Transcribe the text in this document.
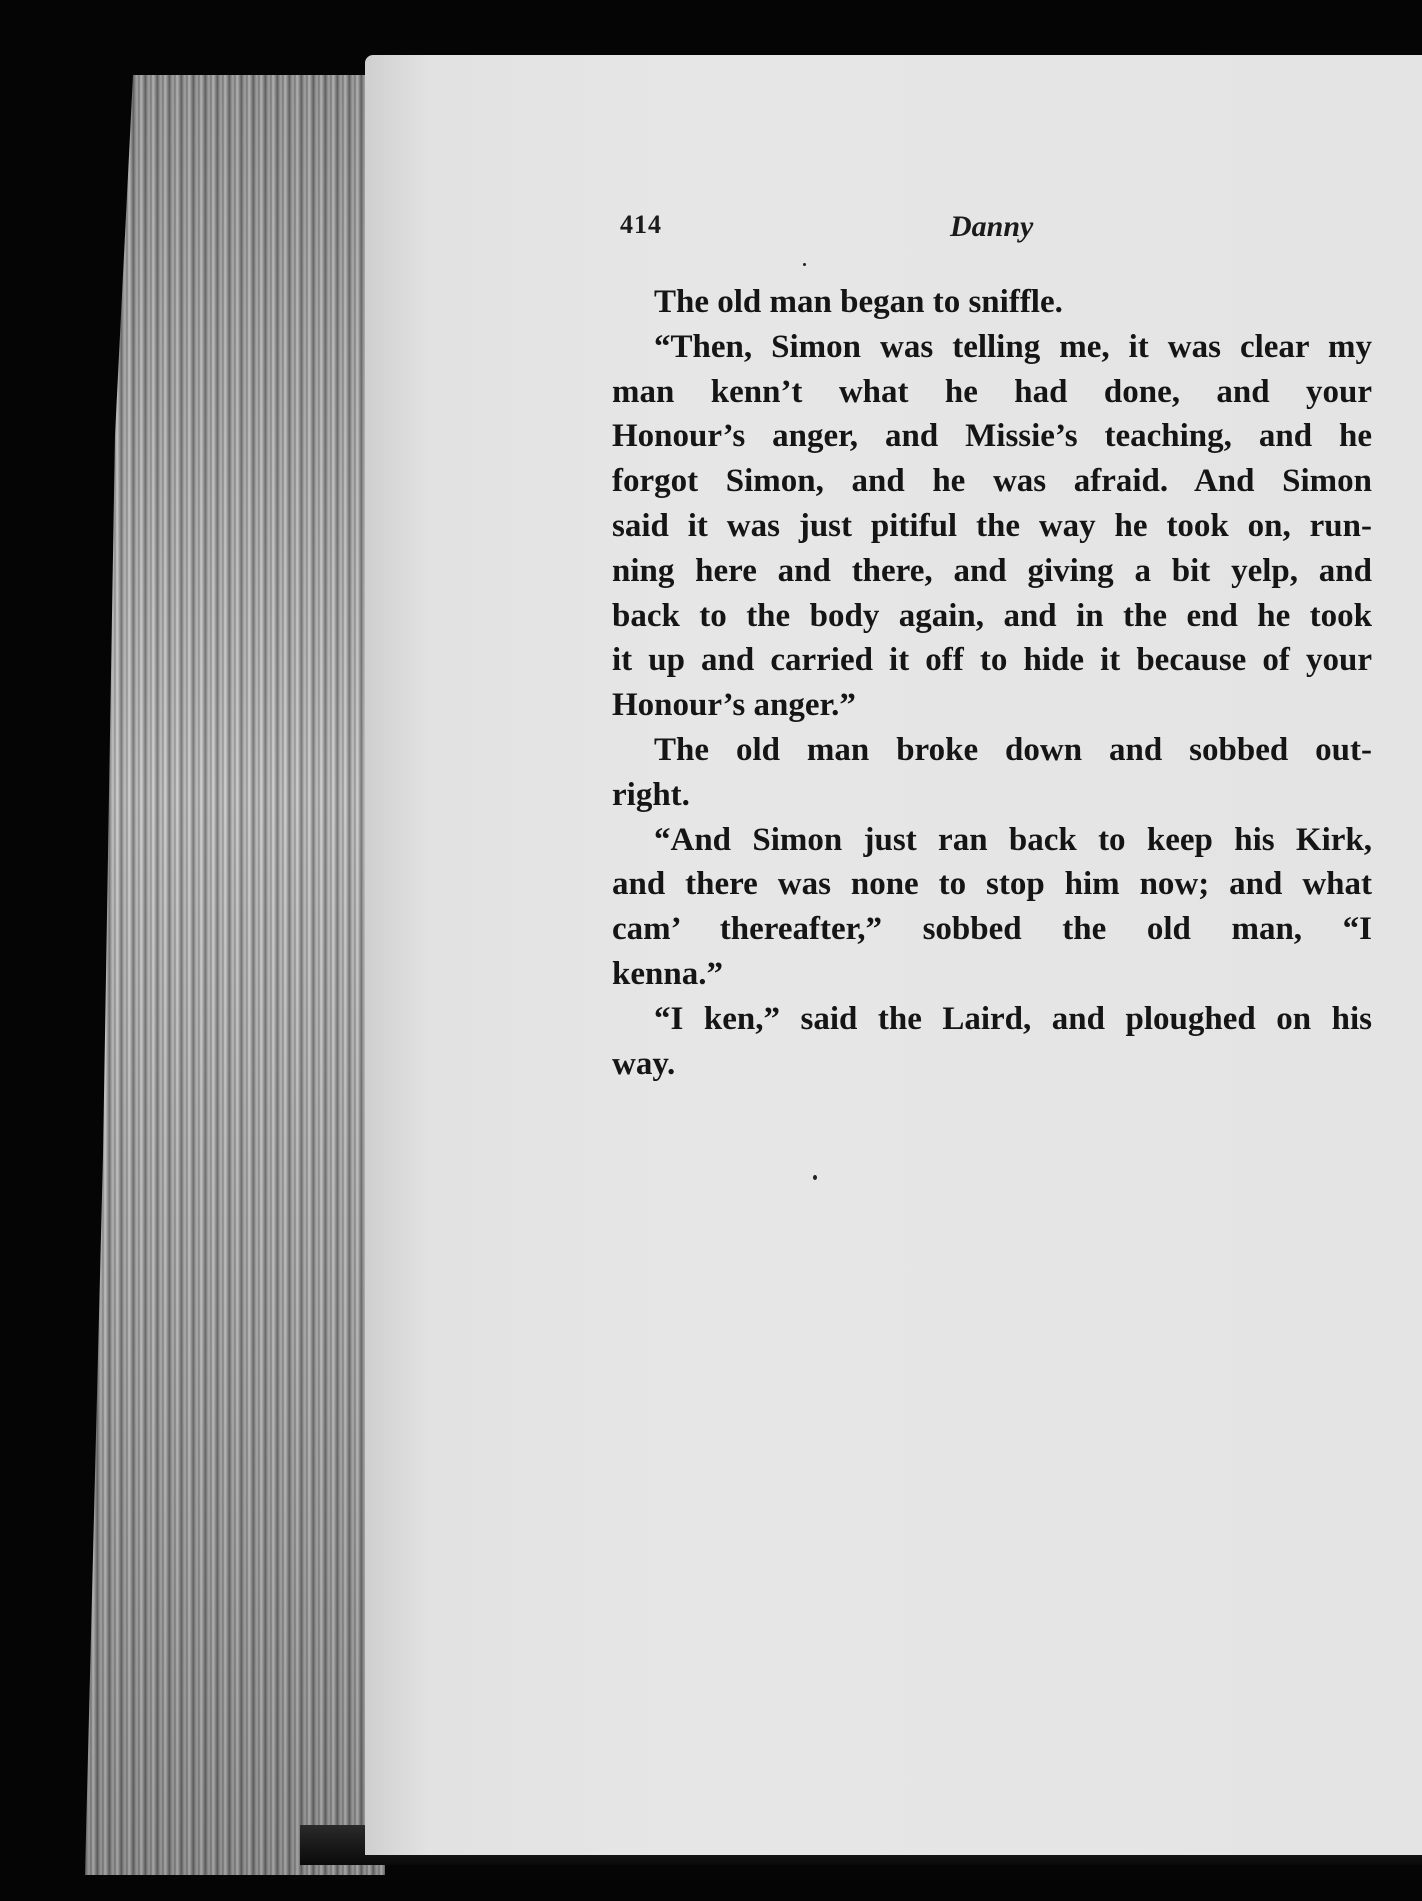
414	Danny
The old man began to sniffle.
“Then, Simon was telling me, it was clear my
man kenn’t what he had done, and your
Honour’s anger, and Missie’s teaching, and he
forgot Simon, and he was afraid. And Simon
said it was just pitiful the way he took on, run-
ning here and there, and giving a bit yelp, and
back to the body again, and in the end he took
it up and carried it off to hide it because of your
Honour’s anger.”
The old man broke down and sobbed out-
right.
“And Simon just ran back to keep his Kirk,
and there was none to stop him now; and what
cam’ thereafter,” sobbed the old man, “I
kenna.”
“I ken,” said the Laird, and ploughed on his
way.
